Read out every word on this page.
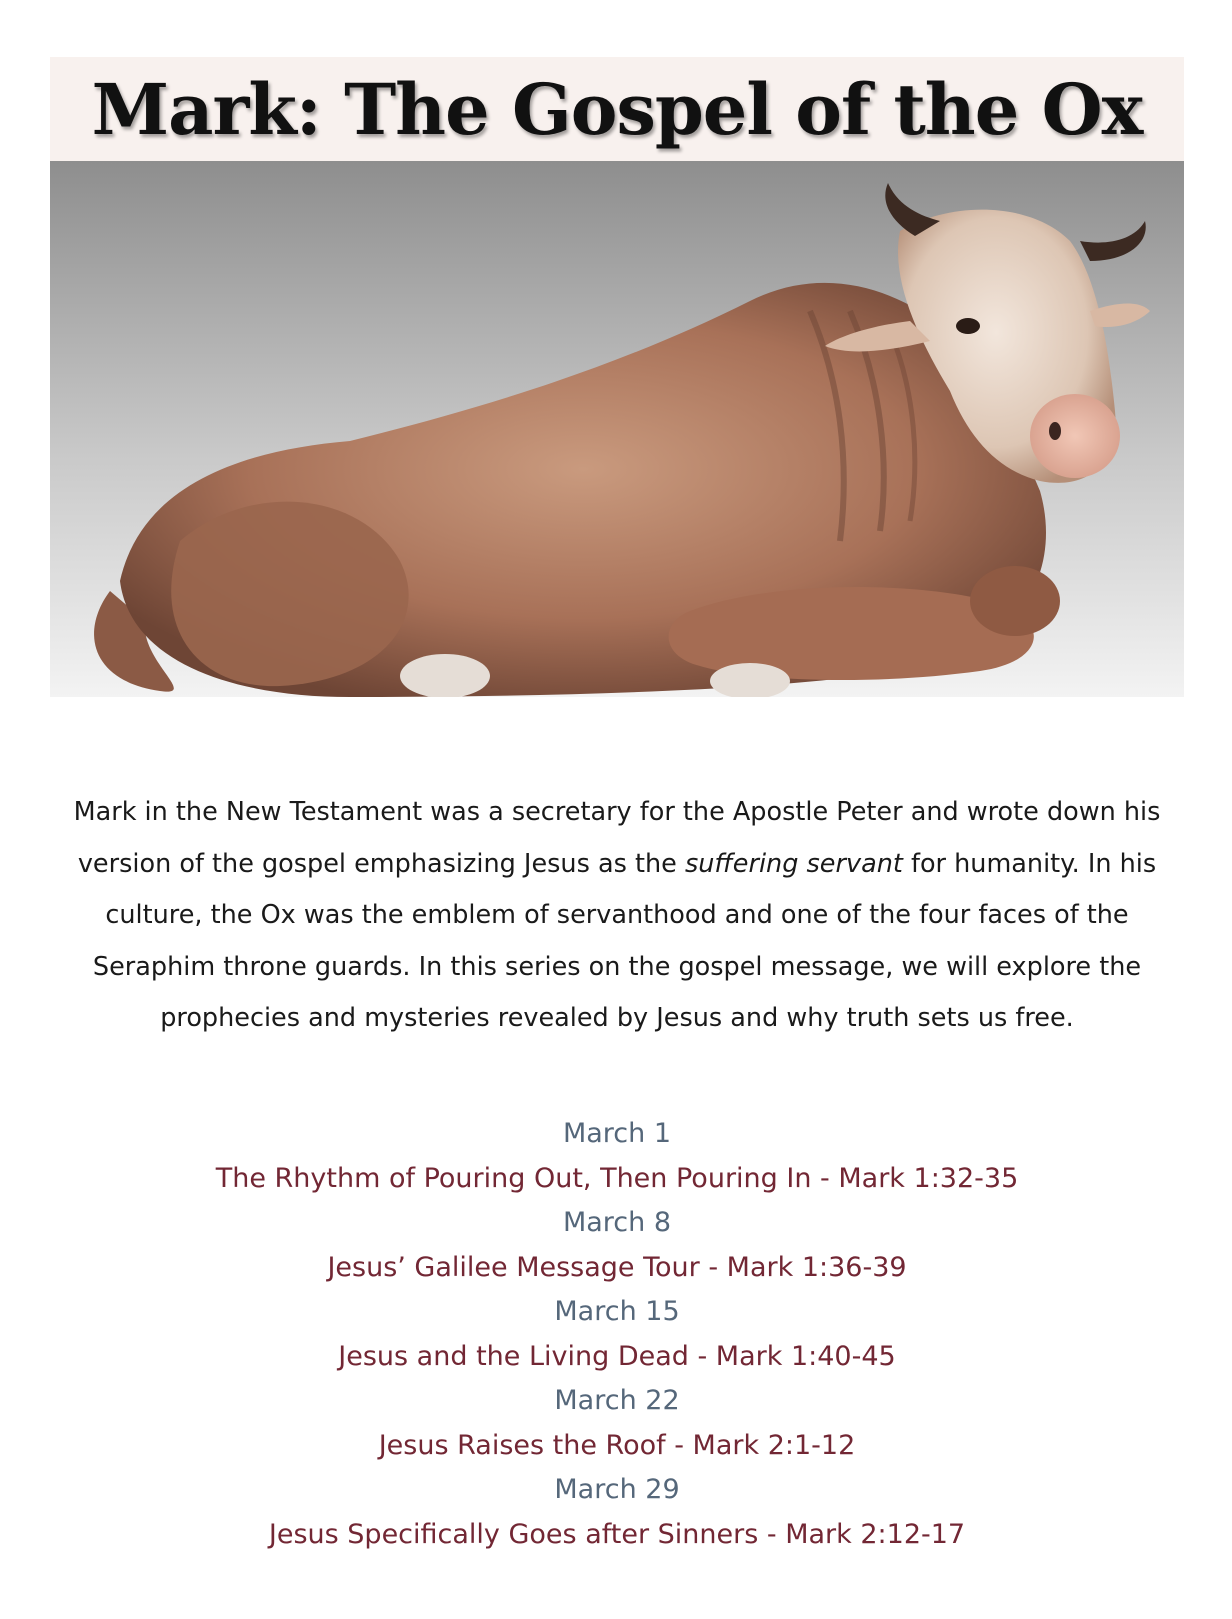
Mark: The Gospel of the Ox
Mark in the New Testament was a secretary for the Apostle Peter and wrote down his version of the gospel emphasizing Jesus as the suffering servant for humanity. In his culture, the Ox was the emblem of servanthood and one of the four faces of the Seraphim throne guards. In this series on the gospel message, we will explore the prophecies and mysteries revealed by Jesus and why truth sets us free.
March 1
The Rhythm of Pouring Out, Then Pouring In - Mark 1:32-35
March 8
Jesus’ Galilee Message Tour - Mark 1:36-39
March 15
Jesus and the Living Dead - Mark 1:40-45
March 22
Jesus Raises the Roof - Mark 2:1-12
March 29
Jesus Specifically Goes after Sinners - Mark 2:12-17
